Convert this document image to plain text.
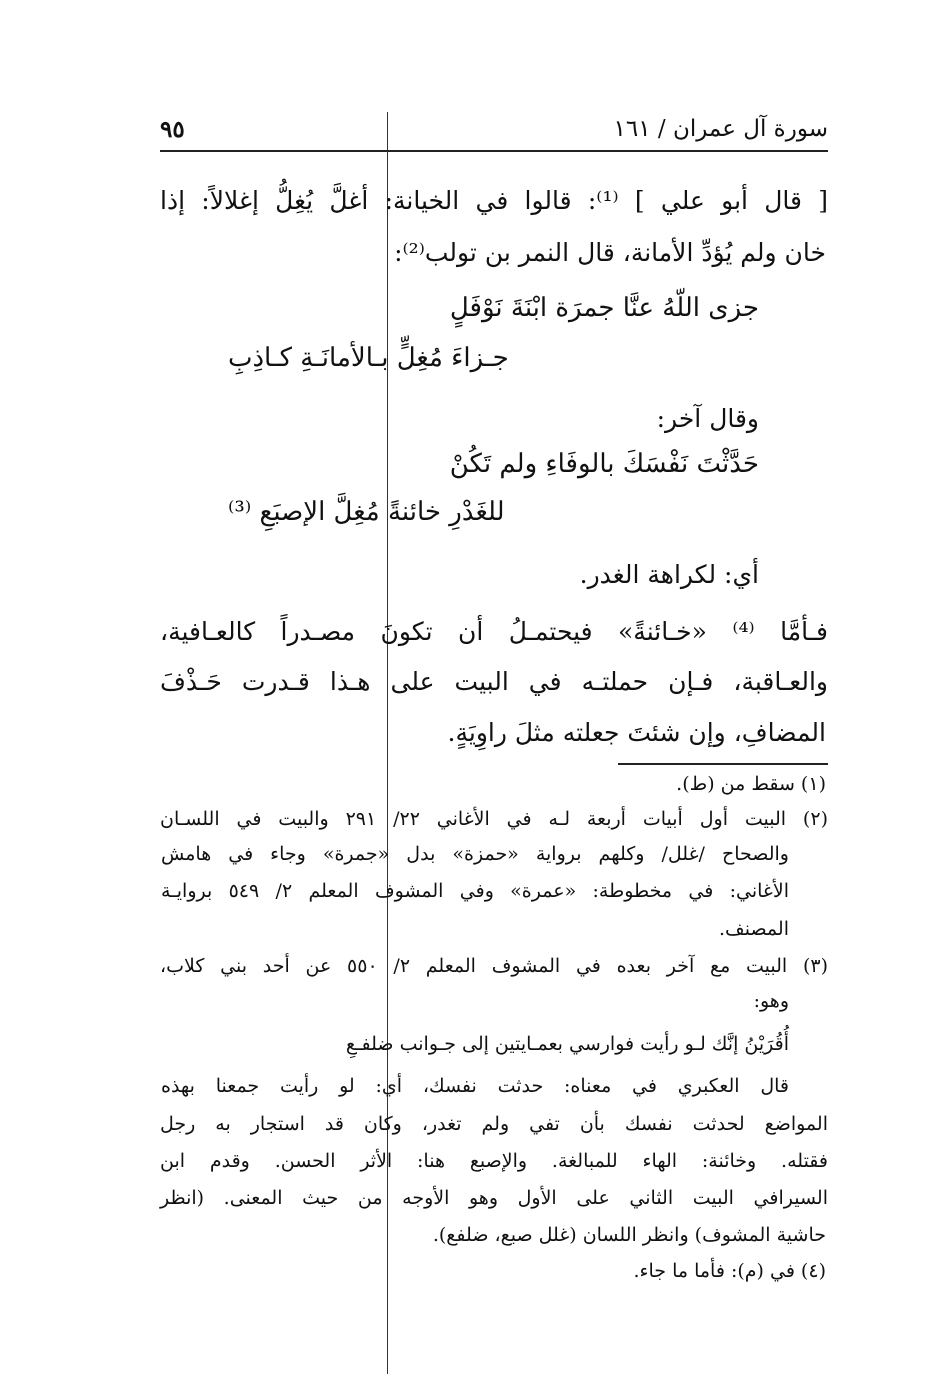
سورة آل عمران / ١٦١
٩٥
[ قال أبو علي ] ⁽¹⁾: قالوا في الخيانة: أغلَّ يُغِلُّ إغلالاً: إذا
خان ولم يُؤدِّ الأمانة، قال النمر بن تولب⁽²⁾:
جزى اللّهُ عنَّا جمرَة ابْنَةَ نَوْفَلٍ
جـزاءَ مُغِلٍّ بـالأمانَـةِ كـاذِبِ
وقال آخر:
حَدَّثْتَ نَفْسَكَ بالوفَاءِ ولم تَكُنْ
للغَدْرِ خائنةً مُغِلَّ الإصبَعِ ⁽³⁾
أي: لكراهة الغدر.
فـأمَّا ⁽⁴⁾ «خـائنةً» فيحتمـلُ أن تكونَ مصـدراً كالعـافية،
والعـاقبة، فـإن حملتـه في البيت على هـذا قـدرت حَـذْفَ
المضافِ، وإن شئتَ جعلته مثلَ راوِيَةٍ.
(١) سقط من (ط).
(٢) البيت أول أبيات أربعة لـه في الأغاني ٢٢/ ٢٩١ والبيت في اللسـان
والصحاح /غلل/ وكلهم برواية «حمزة» بدل «جمرة» وجاء في هامش
الأغاني: في مخطوطة: «عمرة» وفي المشوف المعلم ٢/ ٥٤٩ بروايـة
المصنف.
(٣) البيت مع آخر بعده في المشوف المعلم ٢/ ٥٥٠ عن أحد بني كلاب،
وهو:
أُقُرَيْنُ إنَّك لـو رأيت فوارسي بعمـايتين إلى جـوانب ضلفـعِ
قال العكبري في معناه: حدثت نفسك، أي: لو رأيت جمعنا بهذه
المواضع لحدثت نفسك بأن تفي ولم تغدر، وكان قد استجار به رجل
فقتله. وخائنة: الهاء للمبالغة. والإصبع هنا: الأثر الحسن. وقدم ابن
السيرافي البيت الثاني على الأول وهو الأوجه من حيث المعنى. (انظر
حاشية المشوف) وانظر اللسان (غلل صبع، ضلفع).
(٤) في (م): فأما ما جاء.
